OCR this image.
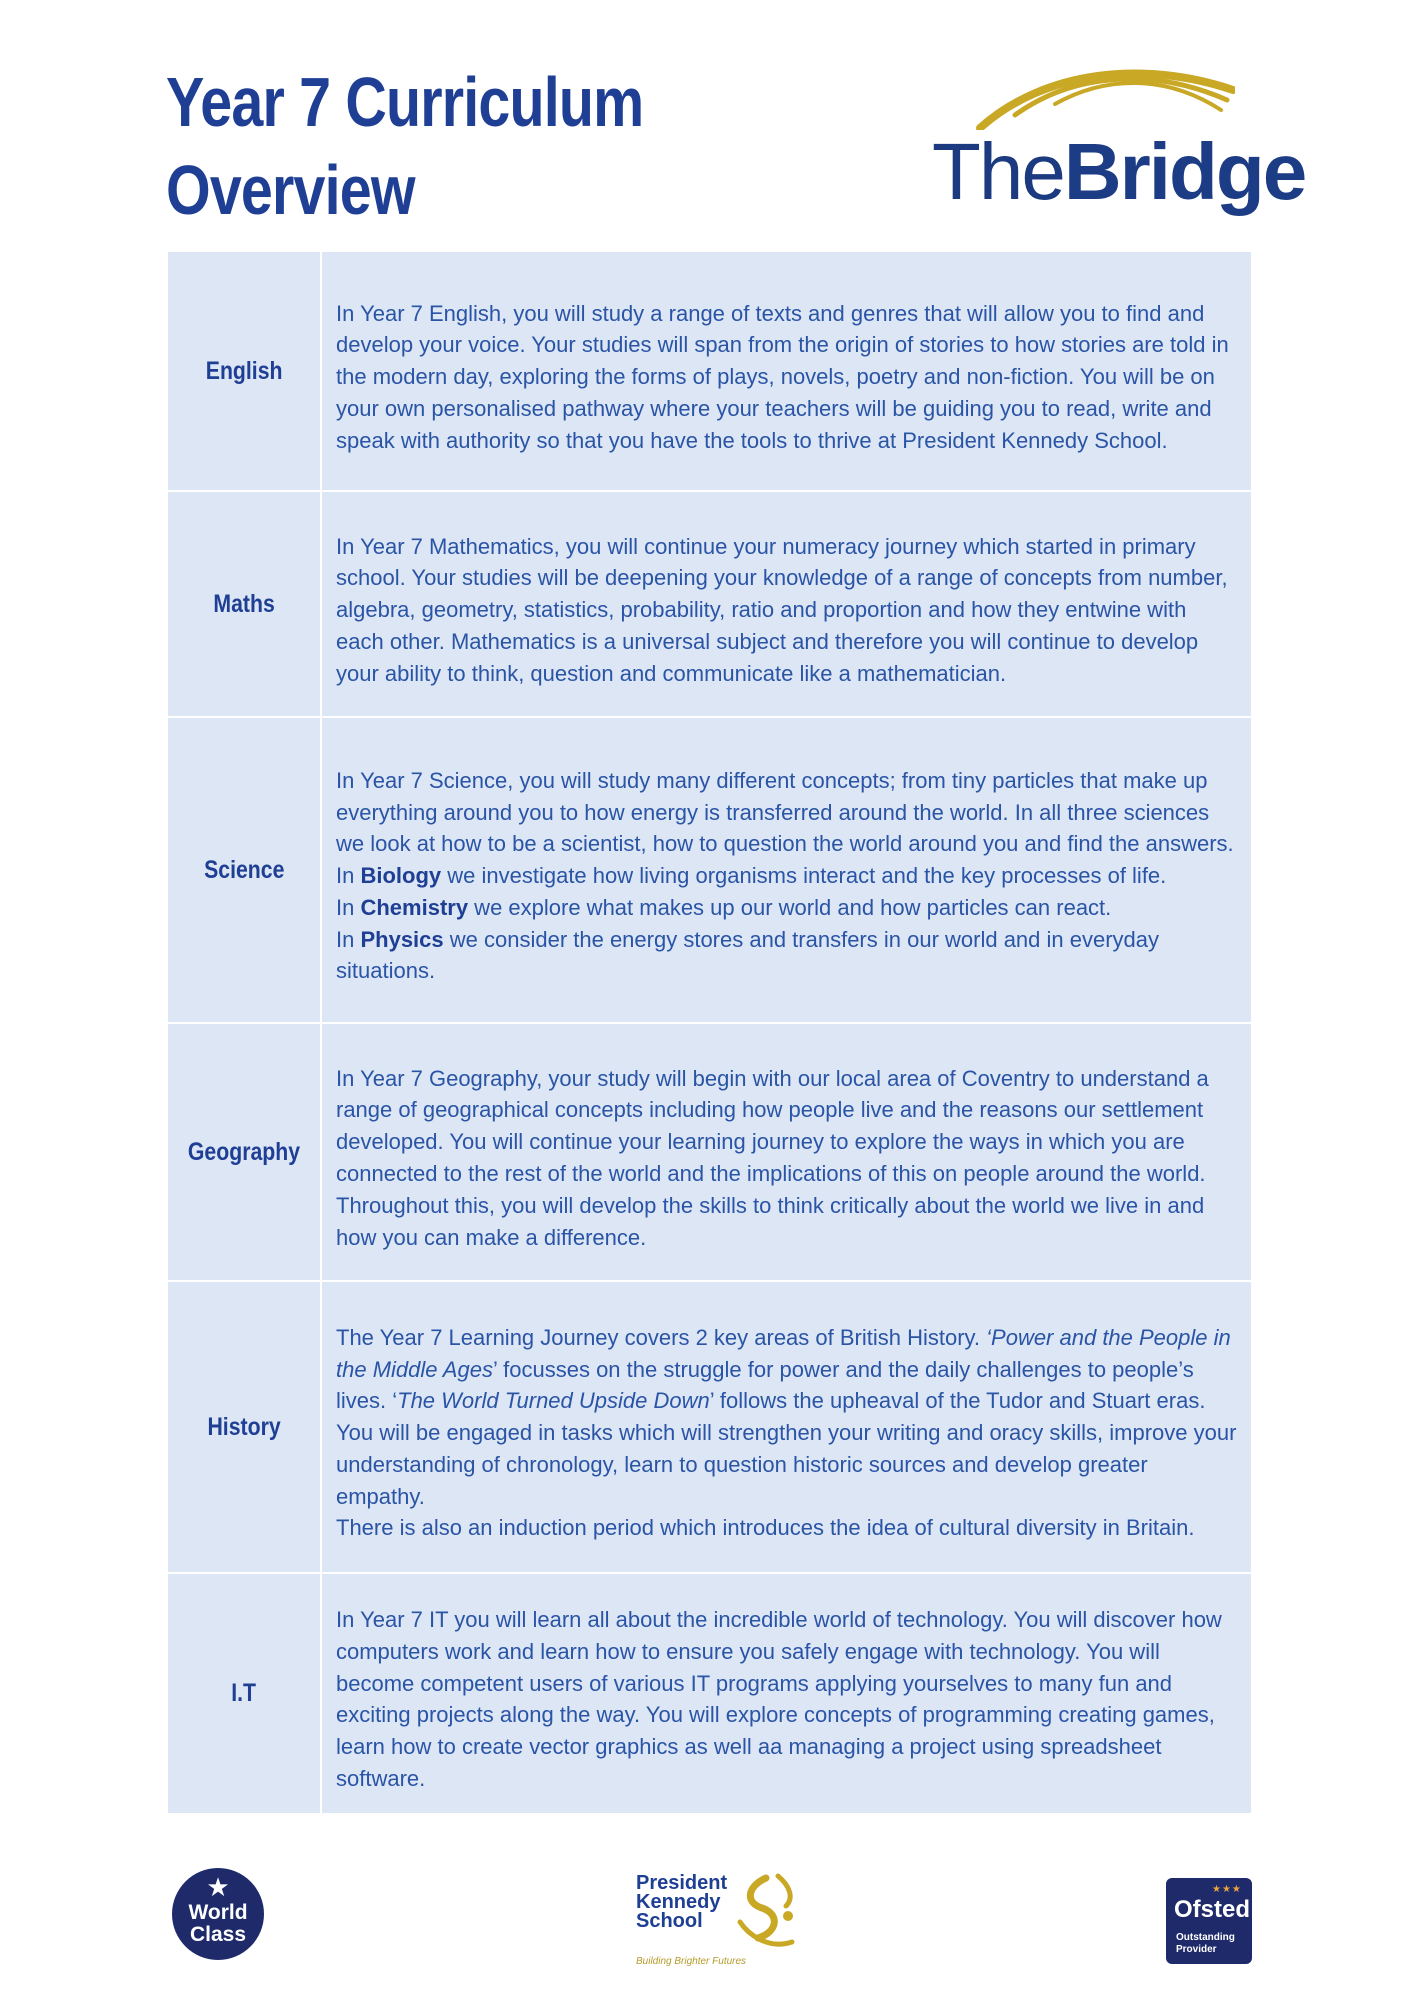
Year 7 Curriculum
Overview	TheBridge
English	In Year 7 English, you will study a range of texts and genres that will allow you to find and develop your voice. Your studies will span from the origin of stories to how stories are told in the modern day, exploring the forms of plays, novels, poetry and non-fiction. You will be on your own personalised pathway where your teachers will be guiding you to read, write and speak with authority so that you have the tools to thrive at President Kennedy School.

Maths	In Year 7 Mathematics, you will continue your numeracy journey which started in primary school. Your studies will be deepening your knowledge of a range of concepts from number, algebra, geometry, statistics, probability, ratio and proportion and how they entwine with each other. Mathematics is a universal subject and therefore you will continue to develop your ability to think, question and communicate like a mathematician.

Science	In Year 7 Science, you will study many different concepts; from tiny particles that make up everything around you to how energy is transferred around the world. In all three sciences we look at how to be a scientist, how to question the world around you and find the answers.

In Biology we investigate how living organisms interact and the key processes of life.

In Chemistry we explore what makes up our world and how particles can react.

In Physics we consider the energy stores and transfers in our world and in everyday situations.

Geography	In Year 7 Geography, your study will begin with our local area of Coventry to understand a range of geographical concepts including how people live and the reasons our settlement developed. You will continue your learning journey to explore the ways in which you are connected to the rest of the world and the implications of this on people around the world. Throughout this, you will develop the skills to think critically about the world we live in and how you can make a difference.

History	The Year 7 Learning Journey covers 2 key areas of British History. ‘Power and the People in the Middle Ages’ focusses on the struggle for power and the daily challenges to people’s lives. ‘The World Turned Upside Down’ follows the upheaval of the Tudor and Stuart eras. You will be engaged in tasks which will strengthen your writing and oracy skills, improve your understanding of chronology, learn to question historic sources and develop greater empathy.

There is also an induction period which introduces the idea of cultural diversity in Britain.

I.T	In Year 7 IT you will learn all about the incredible world of technology. You will discover how computers work and learn how to ensure you safely engage with technology. You will become competent users of various IT programs applying yourselves to many fun and exciting projects along the way. You will explore concepts of programming creating games, learn how to create vector graphics as well aa managing a project using spreadsheet software.

★
World
Class
President
Kennedy
School
Building Brighter Futures
★★★
Ofsted
Outstanding
Provider
